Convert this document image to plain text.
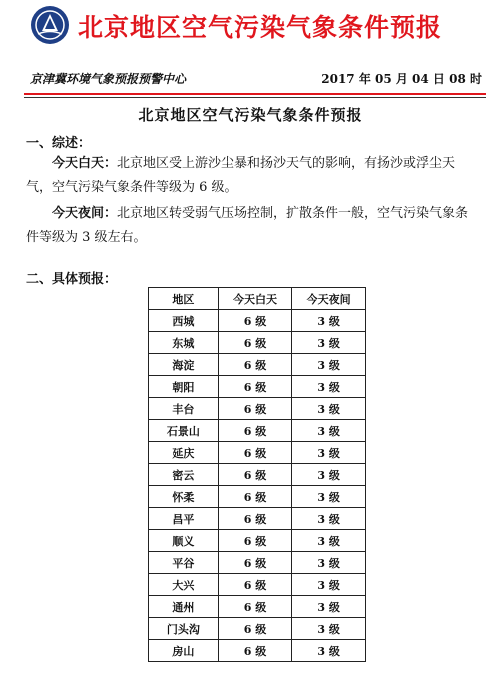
北京地区空气污染气象条件预报
京津冀环境气象预报预警中心	2017 年 05 月 04 日 08 时
北京地区空气污染气象条件预报
一、综述：
今天白天：北京地区受上游沙尘暴和扬沙天气的影响，有扬沙或浮尘天气，空气污染气象条件等级为 6 级。
今天夜间：北京地区转受弱气压场控制，扩散条件一般，空气污染气象条件等级为 3 级左右。
二、具体预报：
地区	今天白天	今天夜间
西城	6 级	3 级
东城	6 级	3 级
海淀	6 级	3 级
朝阳	6 级	3 级
丰台	6 级	3 级
石景山	6 级	3 级
延庆	6 级	3 级
密云	6 级	3 级
怀柔	6 级	3 级
昌平	6 级	3 级
顺义	6 级	3 级
平谷	6 级	3 级
大兴	6 级	3 级
通州	6 级	3 级
门头沟	6 级	3 级
房山	6 级	3 级
